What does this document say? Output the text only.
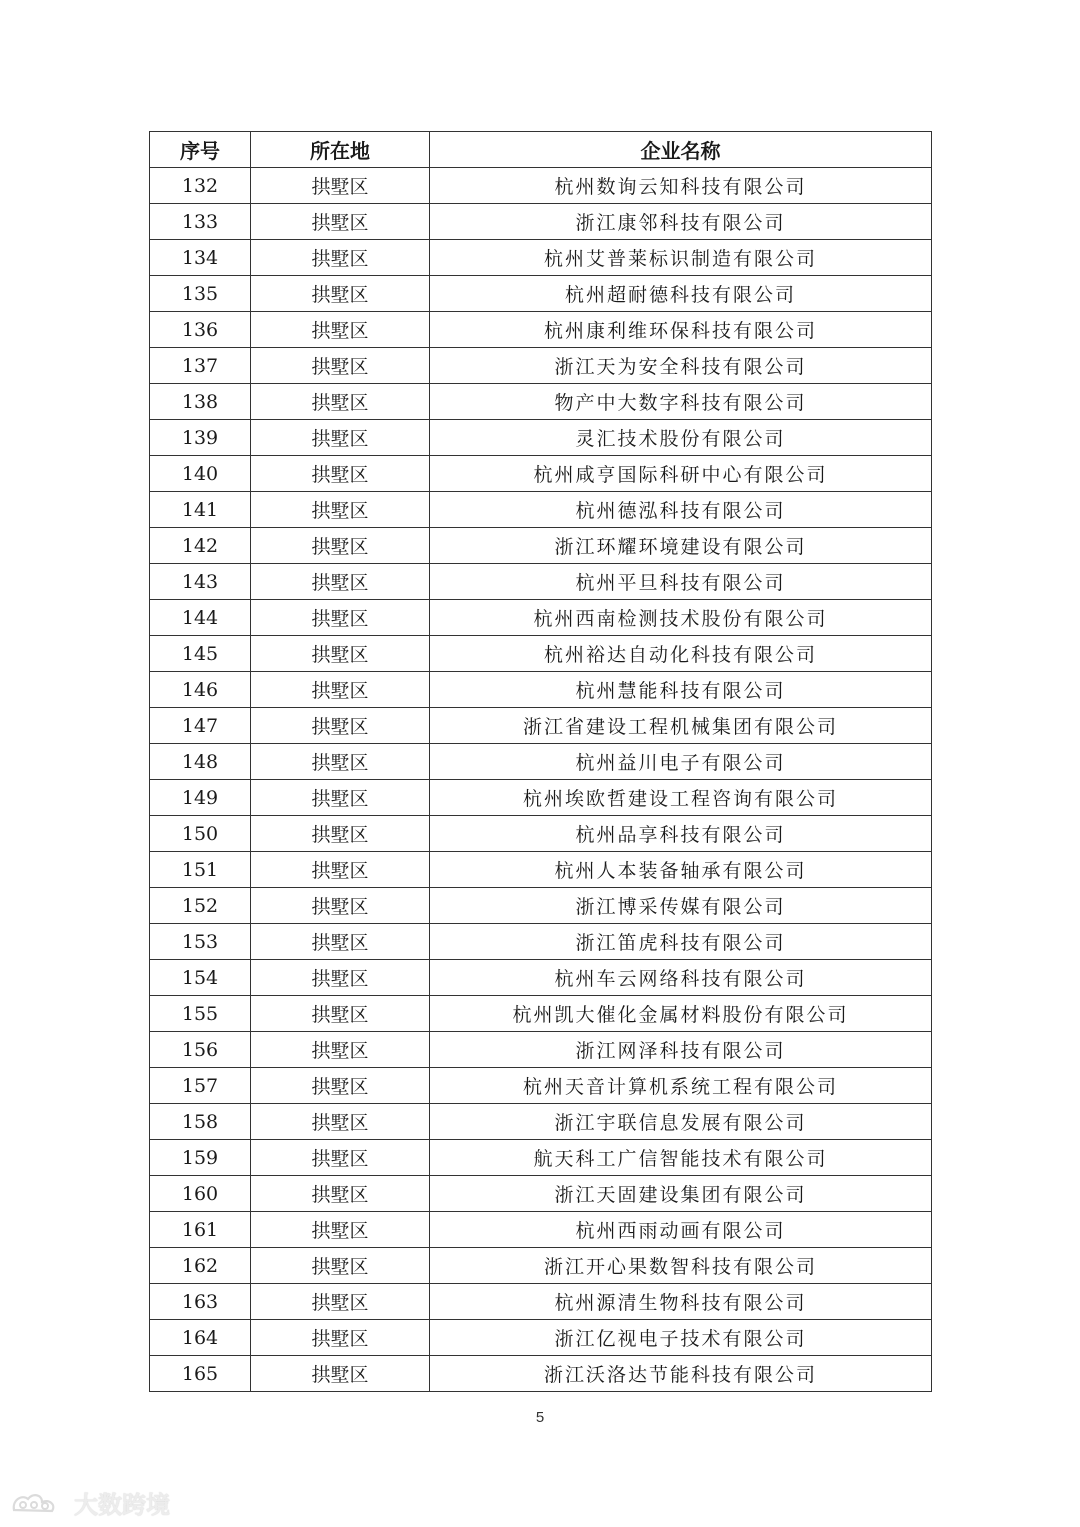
序号	所在地	企业名称
132	拱墅区	杭州数询云知科技有限公司
133	拱墅区	浙江康邻科技有限公司
134	拱墅区	杭州艾普莱标识制造有限公司
135	拱墅区	杭州超耐德科技有限公司
136	拱墅区	杭州康利维环保科技有限公司
137	拱墅区	浙江天为安全科技有限公司
138	拱墅区	物产中大数字科技有限公司
139	拱墅区	灵汇技术股份有限公司
140	拱墅区	杭州咸亨国际科研中心有限公司
141	拱墅区	杭州德泓科技有限公司
142	拱墅区	浙江环耀环境建设有限公司
143	拱墅区	杭州平旦科技有限公司
144	拱墅区	杭州西南检测技术股份有限公司
145	拱墅区	杭州裕达自动化科技有限公司
146	拱墅区	杭州慧能科技有限公司
147	拱墅区	浙江省建设工程机械集团有限公司
148	拱墅区	杭州益川电子有限公司
149	拱墅区	杭州埃欧哲建设工程咨询有限公司
150	拱墅区	杭州品享科技有限公司
151	拱墅区	杭州人本装备轴承有限公司
152	拱墅区	浙江博采传媒有限公司
153	拱墅区	浙江笛虎科技有限公司
154	拱墅区	杭州车云网络科技有限公司
155	拱墅区	杭州凯大催化金属材料股份有限公司
156	拱墅区	浙江网泽科技有限公司
157	拱墅区	杭州天音计算机系统工程有限公司
158	拱墅区	浙江宇联信息发展有限公司
159	拱墅区	航天科工广信智能技术有限公司
160	拱墅区	浙江天固建设集团有限公司
161	拱墅区	杭州西雨动画有限公司
162	拱墅区	浙江开心果数智科技有限公司
163	拱墅区	杭州源清生物科技有限公司
164	拱墅区	浙江亿视电子技术有限公司
165	拱墅区	浙江沃洛达节能科技有限公司
5
大数跨境
